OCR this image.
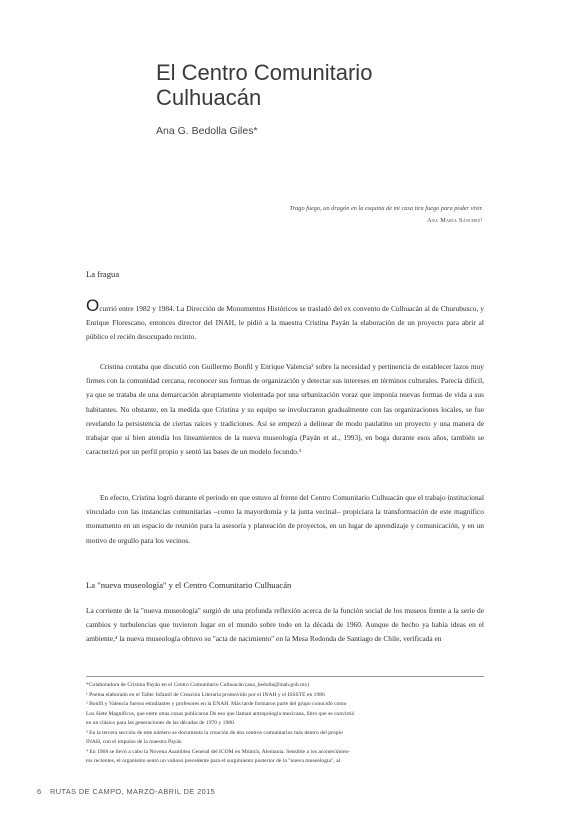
El Centro Comunitario
Culhuacán
Ana G. Bedolla Giles*
Trago fuego, un dragón en la esquina de mi casa tira fuego para poder vivir.
Ana María Sánchez¹
La fragua

Ocurrió entre 1982 y 1984. La Dirección de Monumentos Históricos se trasladó del ex convento de Culhuacán al de Churubusco, y Enrique Florescano, entonces director del INAH, le pidió a la maestra Cristina Payán la elaboración de un proyecto para abrir al público el recién desocupado recinto.

Cristina contaba que discutió con Guillermo Bonfil y Enrique Valencia² sobre la necesidad y pertinencia de establecer lazos muy firmes con la comunidad cercana, reconocer sus formas de organización y detectar sus intereses en términos culturales. Parecía difícil, ya que se trataba de una demarcación abruptamente violentada por una urbanización voraz que imponía nuevas formas de vida a sus habitantes. No obstante, en la medida que Cristina y su equipo se involucraron gradualmente con las organizaciones locales, se fue revelando la persistencia de ciertas raíces y tradiciones. Así se empezó a delinear de modo paulatino un proyecto y una manera de trabajar que si bien atendía los lineamientos de la nueva museología (Payán et al., 1993), en boga durante esos años, también se caracterizó por un perfil propio y sentó las bases de un modelo fecundo.³

En efecto, Cristina logró durante el periodo en que estuvo al frente del Centro Comunitario Culhuacán que el trabajo institucional vinculado con las instancias comunitarias –como la mayordomía y la junta vecinal– propiciara la transformación de este magnífico monumento en un espacio de reunión para la asesoría y planeación de proyectos, en un lugar de aprendizaje y comunicación, y en un motivo de orgullo para los vecinos.

La "nueva museología" y el Centro Comunitario Culhuacán

La corriente de la "nueva museología" surgió de una profunda reflexión acerca de la función social de los museos frente a la serie de cambios y turbulencias que tuvieron lugar en el mundo sobre todo en la década de 1960. Aunque de hecho ya había ideas en el ambiente,⁴ la nueva museología obtuvo su "acta de nacimiento" en la Mesa Redonda de Santiago de Chile, verificada en

*Colaboradora de Cristina Payán en el Centro Comunitario Culhuacán (ana_bedolla@inah.gob.mx)
¹ Poema elaborado en el Taller Infantil de Creación Literaria promovido por el INAH y el ISSSTE en 1986
² Bonfil y Valencia fueron estudiantes y profesores en la ENAH. Más tarde formaron parte del grupo conocido como
Los Siete Magníficos, que entre otras cosas publicaron De eso que llaman antropología mexicana, libro que se convirtió
en un clásico para las generaciones de las décadas de 1970 y 1980
³ En la tercera sección de este número se documenta la creación de dos centros comunitarios más dentro del propio
INAH, con el impulso de la maestra Payán
⁴ En 1968 se llevó a cabo la Novena Asamblea General del ICOM en Múnich, Alemania. Sensible a los acontecimien-
tos recientes, el organismo sentó un valioso precedente para el surgimiento posterior de la "nueva museología", al
6 RUTAS DE CAMPO, MARZO-ABRIL DE 2015
